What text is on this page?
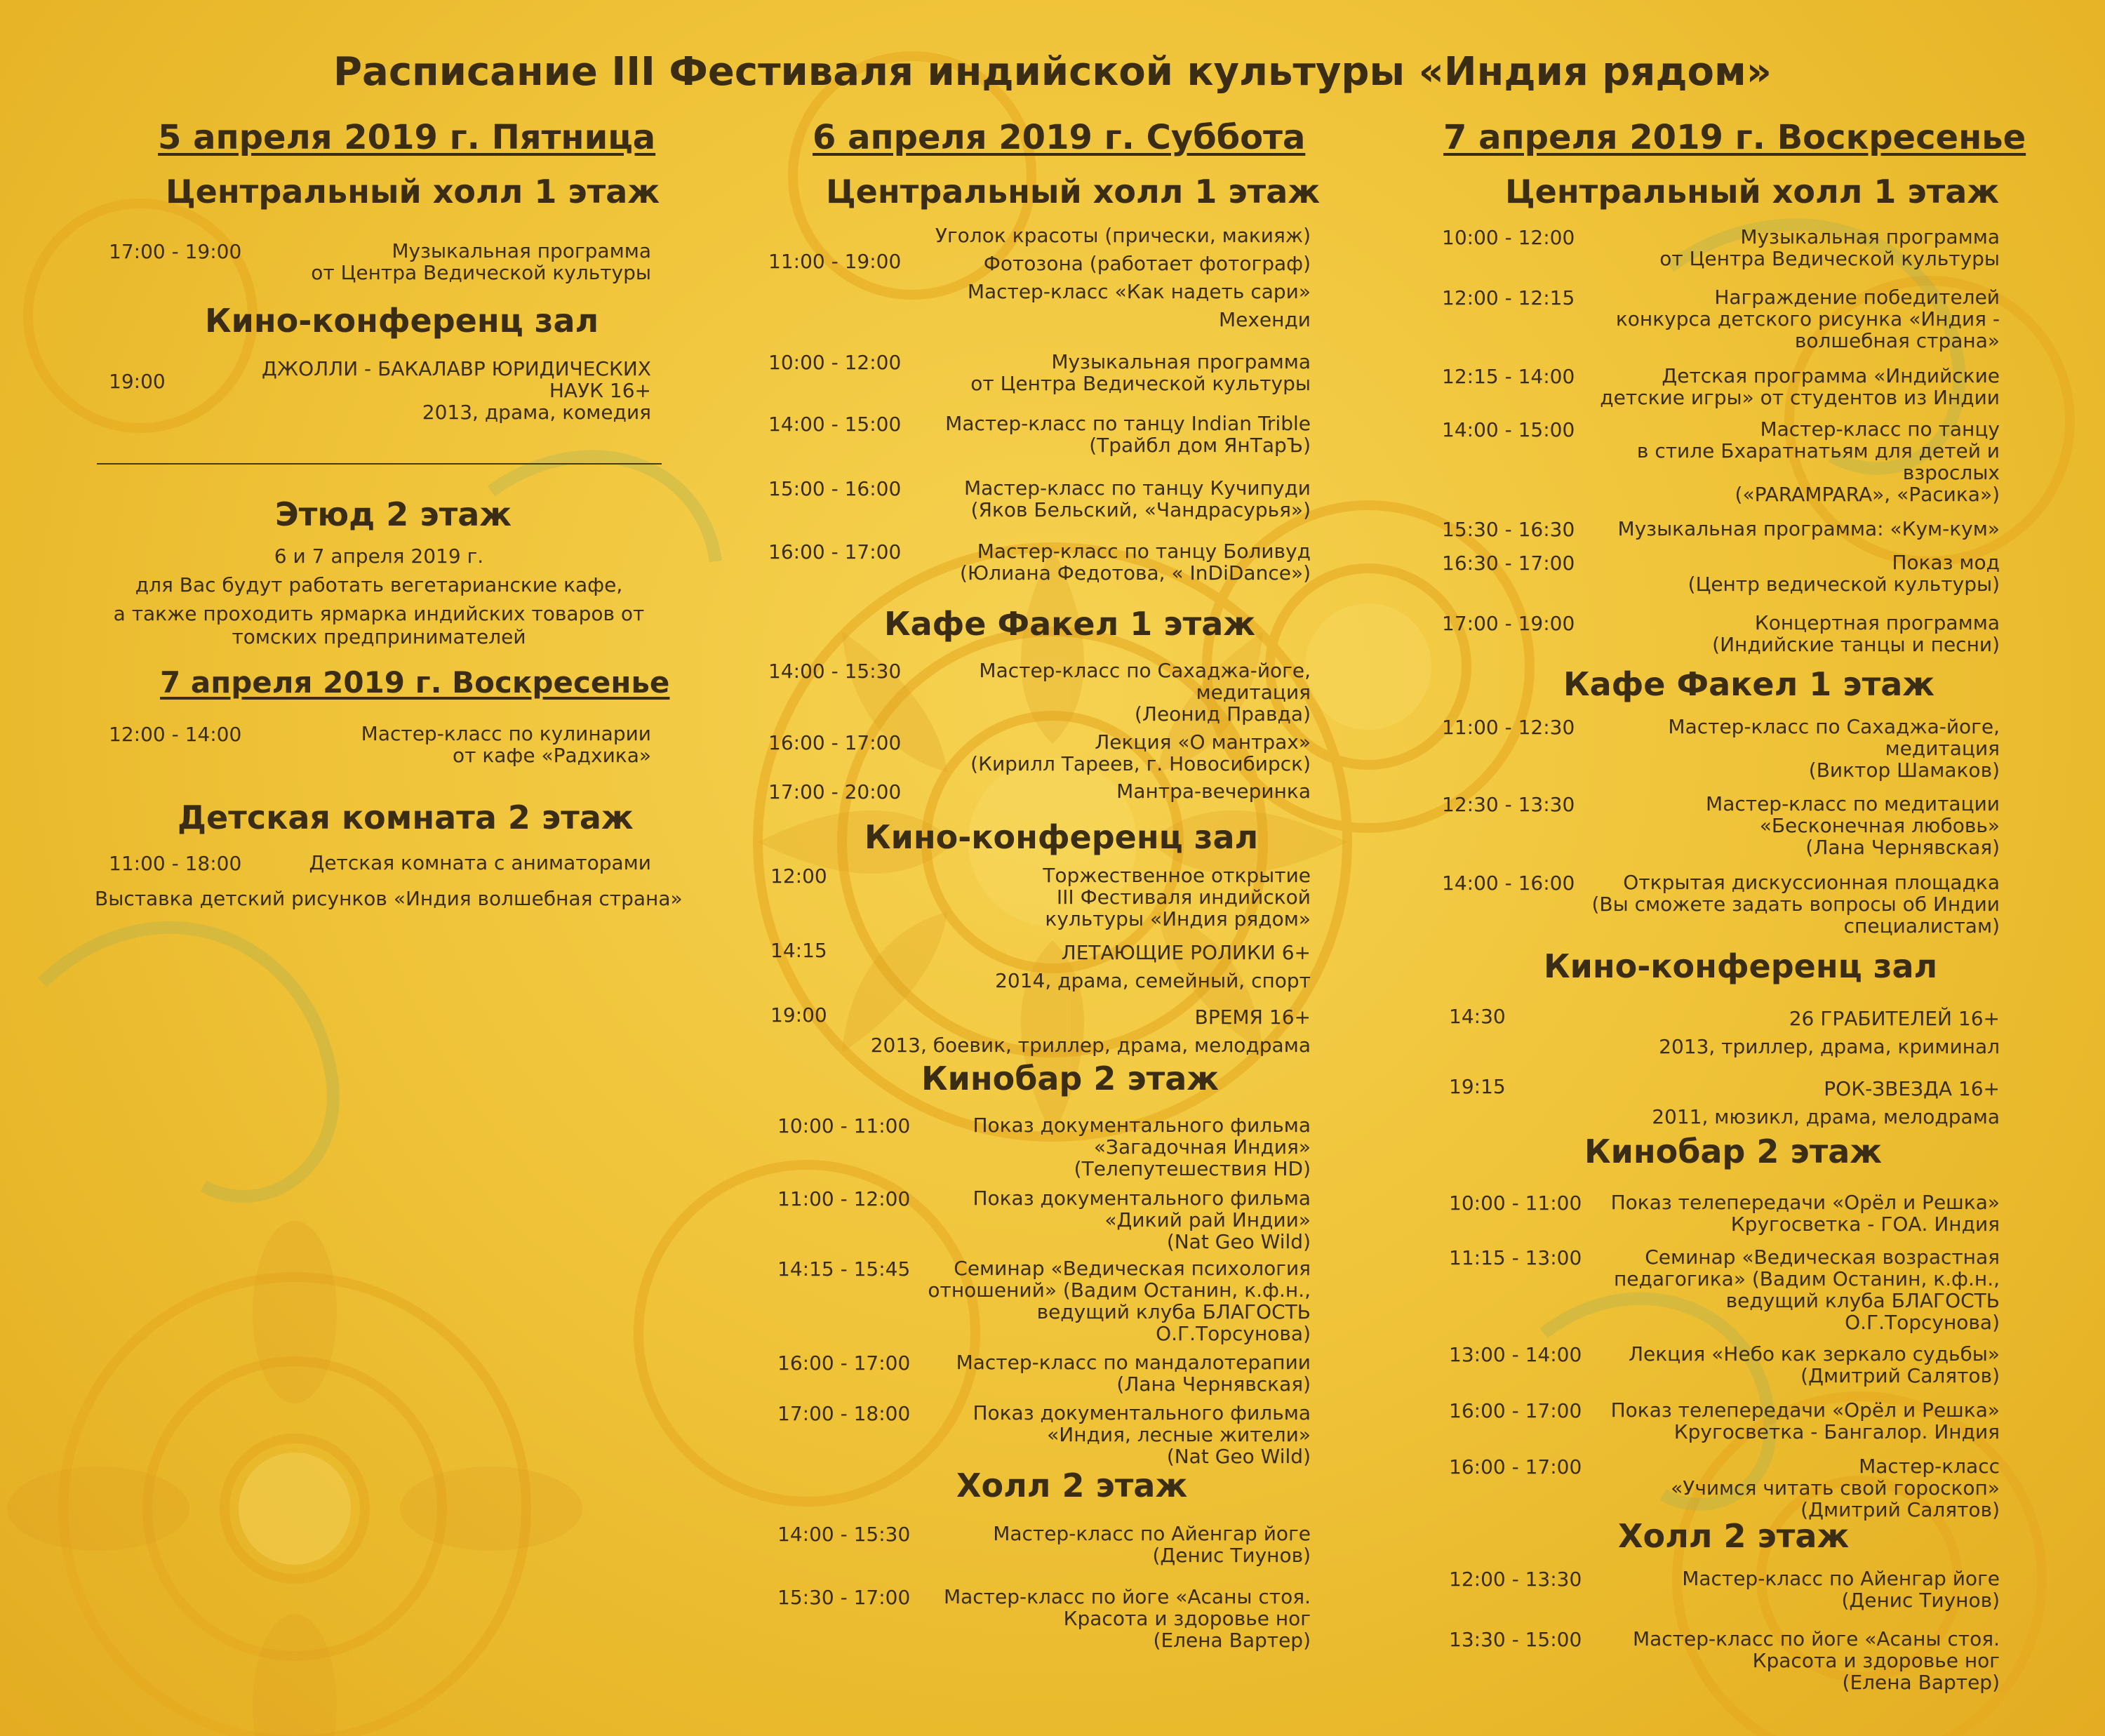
Расписание III Фестиваля индийской культуры «Индия рядом»
5 апреля 2019 г. Пятница
Центральный холл 1 этаж
17:00 - 19:00	Музыкальная программа
от Центра Ведической культуры
Кино-конференц зал
19:00
ДЖОЛЛИ - БАКАЛАВР ЮРИДИЧЕСКИХ
НАУК 16+
2013, драма, комедия
Этюд 2 этаж
6 и 7 апреля 2019 г.
для Вас будут работать вегетарианские кафе,
а также проходить ярмарка индийских товаров от
томских предпринимателей
7 апреля 2019 г. Воскресенье
12:00 - 14:00	Мастер-класс по кулинарии
от кафе «Радхика»
Детская комната 2 этаж
11:00 - 18:00	Детская комната с аниматорами
Выставка детский рисунков «Индия волшебная страна»
6 апреля 2019 г. Суббота
Центральный холл 1 этаж
11:00 - 19:00
Уголок красоты (прически, макияж)
Фотозона (работает фотограф)
Мастер-класс «Как надеть сари»
Мехенди
10:00 - 12:00	Музыкальная программа
от Центра Ведической культуры
14:00 - 15:00 Мастер-класс по танцу Indian Trible
(Трайбл дом ЯнТарЪ)
15:00 - 16:00	Мастер-класс по танцу Кучипуди
(Яков Бельский, «Чандрасурья»)
16:00 - 17:00	Мастер-класс по танцу Боливуд
(Юлиана Федотова, « InDiDance»)
Кафе Факел 1 этаж
14:00 - 15:30	Мастер-класс по Сахаджа-йоге,
медитация
(Леонид Правда)
16:00 - 17:00	Лекция «О мантрах»
(Кирилл Тареев, г. Новосибирск)
17:00 - 20:00	Мантра-вечеринка
Кино-конференц зал
12:00	Торжественное открытие
III Фестиваля индийской
культуры «Индия рядом»
14:15	ЛЕТАЮЩИЕ РОЛИКИ 6+
2014, драма, семейный, спорт
19:00	ВРЕМЯ 16+
2013, боевик, триллер, драма, мелодрама
Кинобар 2 этаж
10:00 - 11:00	Показ документального фильма
«Загадочная Индия»
(Телепутешествия HD)
11:00 - 12:00	Показ документального фильма
«Дикий рай Индии»
(Nat Geo Wild)
14:15 - 15:45	Семинар «Ведическая психология
отношений» (Вадим Останин, к.ф.н.,
ведущий клуба БЛАГОСТЬ
О.Г.Торсунова)
16:00 - 17:00 Мастер-класс по мандалотерапии
(Лана Чернявская)
17:00 - 18:00	Показ документального фильма
«Индия, лесные жители»
(Nat Geo Wild)
Холл 2 этаж
14:00 - 15:30	Мастер-класс по Айенгар йоге
(Денис Тиунов)
15:30 - 17:00 Мастер-класс по йоге «Асаны стоя.
Красота и здоровье ног
(Елена Вартер)
7 апреля 2019 г. Воскресенье
Центральный холл 1 этаж
10:00 - 12:00	Музыкальная программа
от Центра Ведической культуры
12:00 - 12:15	Награждение победителей
конкурса детского рисунка «Индия -
волшебная страна»
12:15 - 14:00	Детская программа «Индийские
детские игры» от студентов из Индии
14:00 - 15:00	Мастер-класс по танцу
в стиле Бхаратнатьям для детей и
взрослых
(«PARAMPARA», «Расика»)
15:30 - 16:30 Музыкальная программа: «Кум-кум»
16:30 - 17:00	Показ мод
(Центр ведической культуры)
17:00 - 19:00	Концертная программа
(Индийские танцы и песни)
Кафе Факел 1 этаж
11:00 - 12:30	Мастер-класс по Сахаджа-йоге,
медитация
(Виктор Шамаков)
12:30 - 13:30	Мастер-класс по медитации
«Бесконечная любовь»
(Лана Чернявская)
14:00 - 16:00	Открытая дискуссионная площадка
(Вы сможете задать вопросы об Индии
специалистам)
Кино-конференц зал
14:30	26 ГРАБИТЕЛЕЙ 16+
2013, триллер, драма, криминал
19:15	РОК-ЗВЕЗДА 16+
2011, мюзикл, драма, мелодрама
Кинобар 2 этаж
10:00 - 11:00 Показ телепередачи «Орёл и Решка»
Кругосветка - ГОА. Индия
11:15 - 13:00	Семинар «Ведическая возрастная
педагогика» (Вадим Останин, к.ф.н.,
ведущий клуба БЛАГОСТЬ
О.Г.Торсунова)
13:00 - 14:00 Лекция «Небо как зеркало судьбы»
(Дмитрий Салятов)
16:00 - 17:00 Показ телепередачи «Орёл и Решка»
Кругосветка - Бангалор. Индия
16:00 - 17:00	Мастер-класс
«Учимся читать свой гороскоп»
(Дмитрий Салятов)
Холл 2 этаж
12:00 - 13:30	Мастер-класс по Айенгар йоге
(Денис Тиунов)
13:30 - 15:00	Мастер-класс по йоге «Асаны стоя.
Красота и здоровье ног
(Елена Вартер)
